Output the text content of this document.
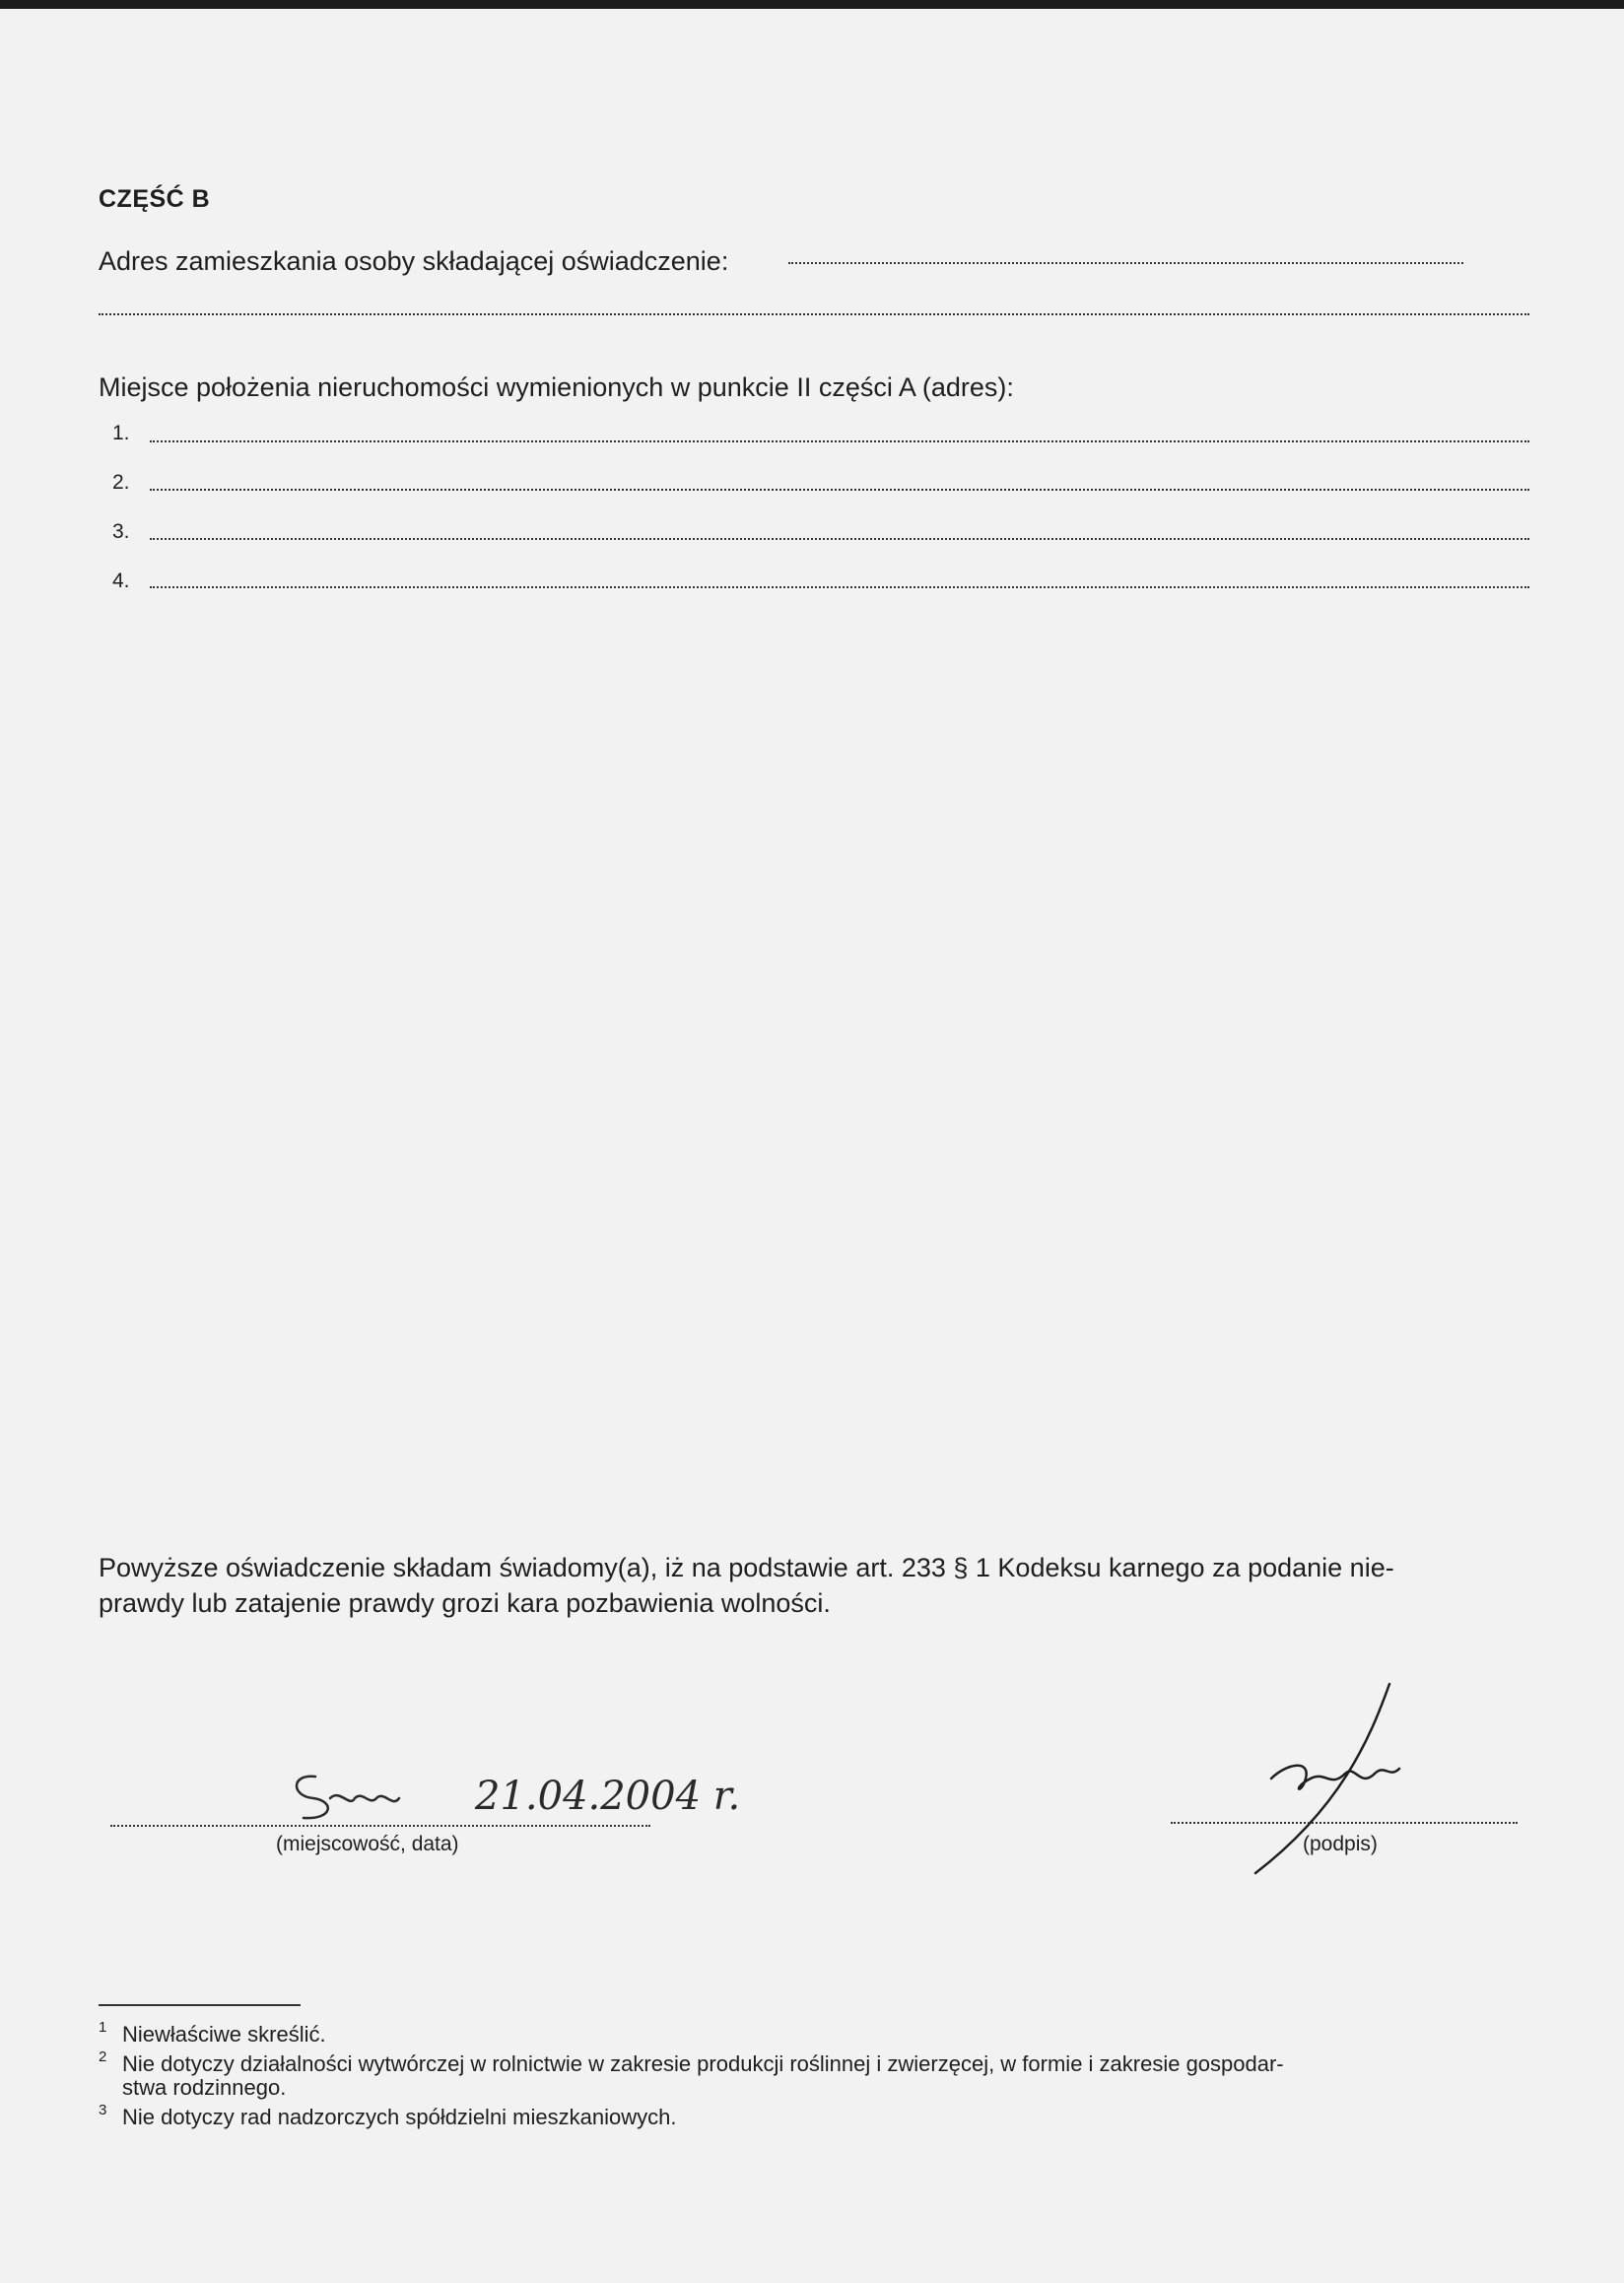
CZĘŚĆ B
Adres zamieszkania osoby składającej oświadczenie:
Miejsce położenia nieruchomości wymienionych w punkcie II części A (adres):
1.
2.
3.
4.
Powyższe oświadczenie składam świadomy(a), iż na podstawie art. 233 § 1 Kodeksu karnego za podanie nie-
prawdy lub zatajenie prawdy grozi kara pozbawienia wolności.
21.04.2004 r.
(miejscowość, data)	(podpis)
1 Niewłaściwe skreślić.
2 Nie dotyczy działalności wytwórczej w rolnictwie w zakresie produkcji roślinnej i zwierzęcej, w formie i zakresie gospodar-
stwa rodzinnego.
3 Nie dotyczy rad nadzorczych spółdzielni mieszkaniowych.
